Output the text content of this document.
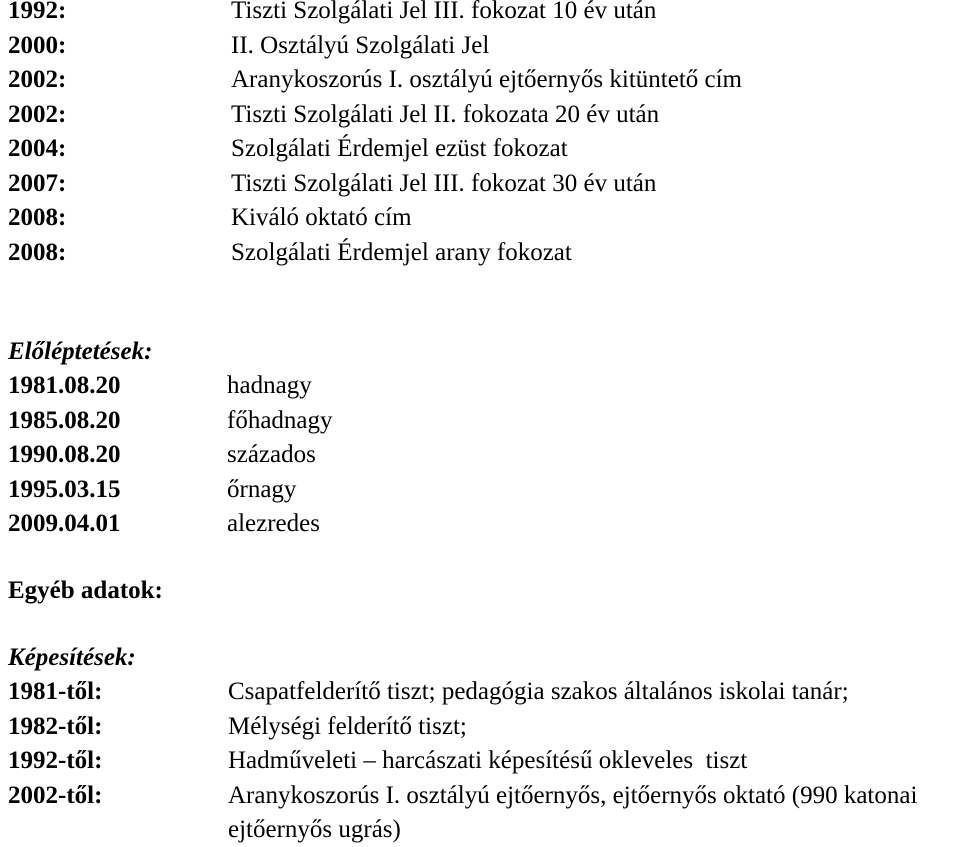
1992:	Tiszti Szolgálati Jel III. fokozat 10 év után
2000:	II. Osztályú Szolgálati Jel
2002:	Aranykoszorús I. osztályú ejtőernyős kitüntető cím
2002:	Tiszti Szolgálati Jel II. fokozata 20 év után
2004:	Szolgálati Érdemjel ezüst fokozat
2007:	Tiszti Szolgálati Jel III. fokozat 30 év után
2008:	Kiváló oktató cím
2008:	Szolgálati Érdemjel arany fokozat
Előléptetések:
1981.08.20	hadnagy
1985.08.20	főhadnagy
1990.08.20	százados
1995.03.15	őrnagy
2009.04.01	alezredes
Egyéb adatok:
Képesítések:
1981-től:	Csapatfelderítő tiszt; pedagógia szakos általános iskolai tanár;
1982-től:	Mélységi felderítő tiszt;
1992-től:	Hadműveleti – harcászati képesítésű okleveles  tiszt
2002-től:	Aranykoszorús I. osztályú ejtőernyős, ejtőernyős oktató (990 katonai ejtőernyős ugrás)
